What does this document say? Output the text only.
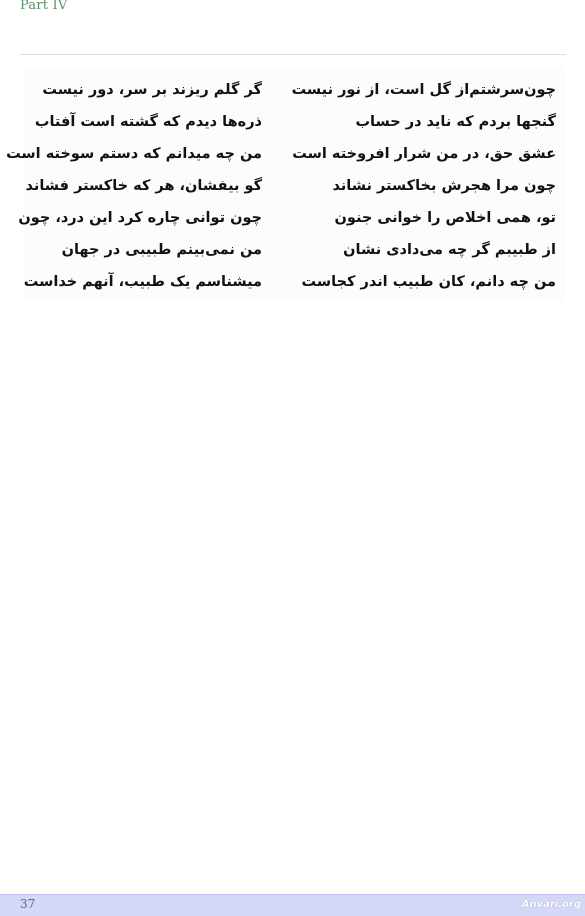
Part IV
چون‌سرشتم‌از گل است، از نور نیست
گنجها بردم که ناید در حساب
عشق حق، در من شرار افروخته است
چون مرا هجرش بخاکستر نشاند
تو، همی اخلاص را خوانی جنون
از طبیبم گر چه می‌دادی نشان
من چه دانم، کان طبیب اندر کجاست
گر گلم ریزند بر سر، دور نیست
ذره‌ها دیدم که گشته است آفتاب
من چه میدانم که دستم سوخته است
گو بیفشان، هر که خاکستر فشاند
چون توانی چاره کرد این درد، چون
من نمی‌بینم طبیبی در جهان
میشناسم یک طبیب، آنهم خداست
37	Anvari.org
